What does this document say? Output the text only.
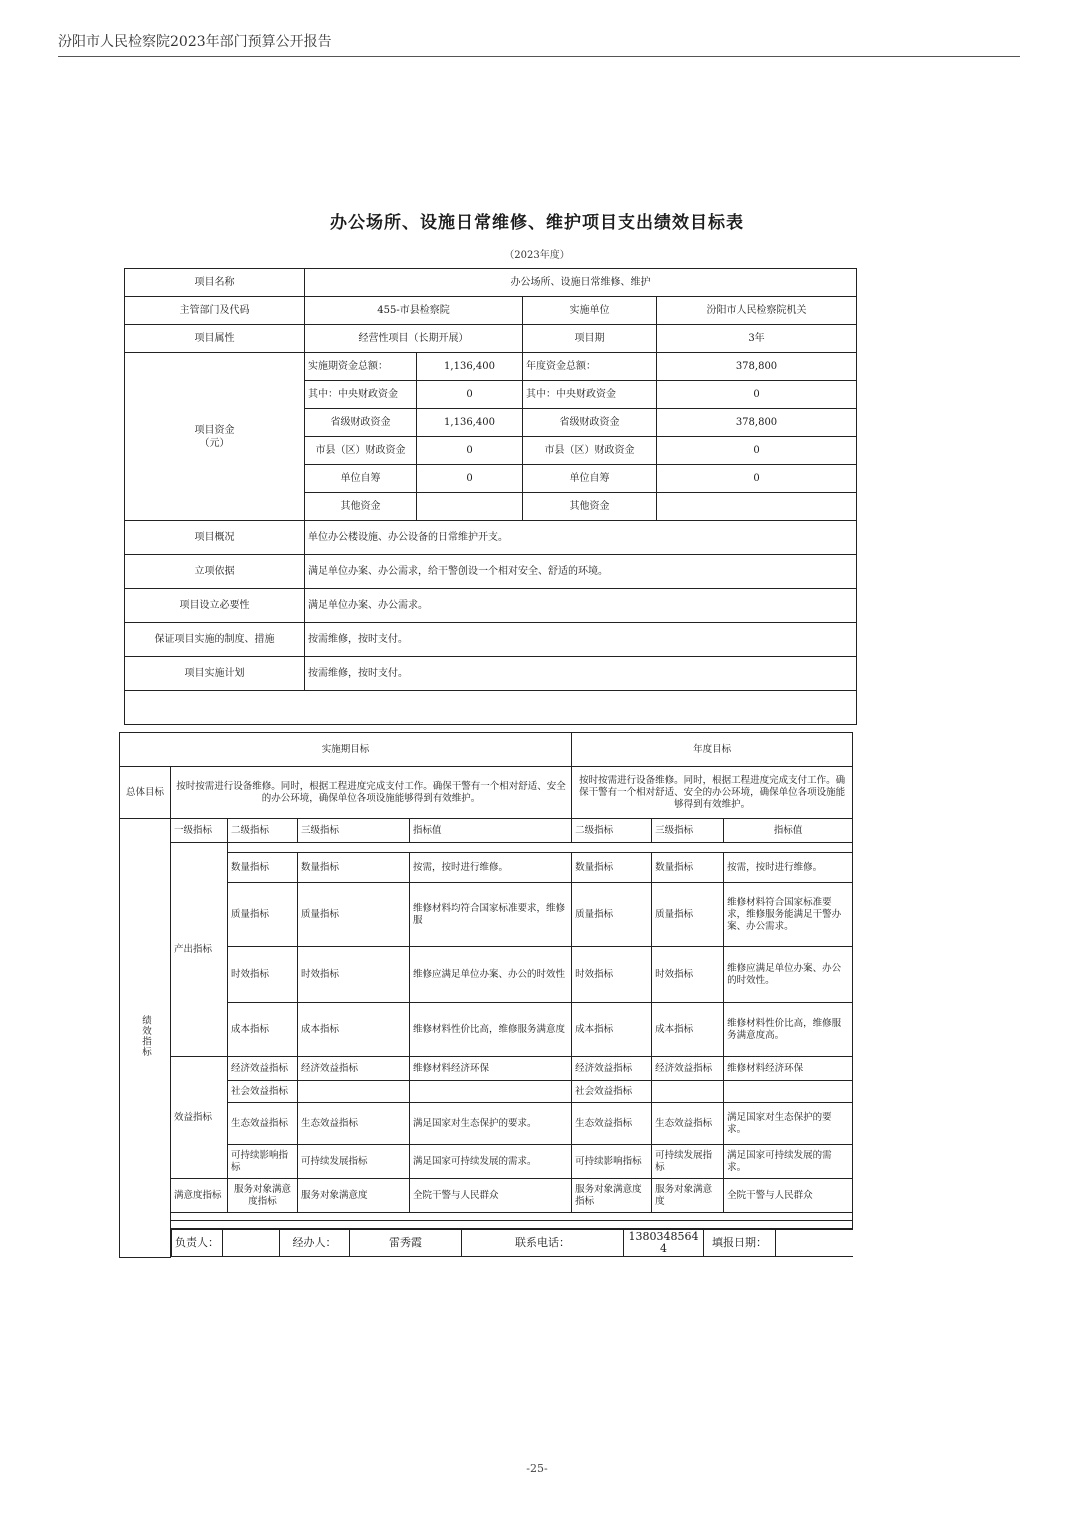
汾阳市人民检察院2023年部门预算公开报告
办公场所、设施日常维修、维护项目支出绩效目标表
（2023年度）
项目名称	办公场所、设施日常维修、维护			
主管部门及代码	455-市县检察院		实施单位	汾阳市人民检察院机关
项目属性	经营性项目（长期开展）		项目期	3年
项目资金
（元）	实施期资金总额：	1,136,400	年度资金总额：	378,800
	其中：中央财政资金	0	其中：中央财政资金	0
	省级财政资金	1,136,400	省级财政资金	378,800
	市县（区）财政资金	0	市县（区）财政资金	0
	单位自筹	0	单位自筹	0
	其他资金		其他资金	
项目概况	单位办公楼设施、办公设备的日常维护开支。			
立项依据	满足单位办案、办公需求，给干警创设一个相对安全、舒适的环境。			
项目设立必要性	满足单位办案、办公需求。			
保证项目实施的制度、措施	按需维修，按时支付。			
项目实施计划	按需维修，按时支付。			

实施期目标	年度目标
总体目标	按时按需进行设备维修。同时，根据工程进度完成支付工作。确保干警有一个相对舒适、安全的办公环境，确保单位各项设施能够得到有效维护。	按时按需进行设备维修。同时，根据工程进度完成支付工作。确保干警有一个相对舒适、安全的办公环境，确保单位各项设施能够得到有效维护。
绩效指标	一级指标	二级指标	三级指标	指标值	二级指标	三级指标	指标值
产出指标	
数量指标	数量指标	按需，按时进行维修。	数量指标	数量指标	按需，按时进行维修。
质量指标	质量指标	维修材料均符合国家标准要求，维修服	质量指标	质量指标	维修材料符合国家标准要求，维修服务能满足干警办案、办公需求。
时效指标	时效指标	维修应满足单位办案、办公的时效性	时效指标	时效指标	维修应满足单位办案、办公的时效性。
成本指标	成本指标	维修材料性价比高，维修服务满意度	成本指标	成本指标	维修材料性价比高，维修服务满意度高。
效益指标	经济效益指标	经济效益指标	维修材料经济环保	经济效益指标	经济效益指标	维修材料经济环保
社会效益指标			社会效益指标		
生态效益指标	生态效益指标	满足国家对生态保护的要求。	生态效益指标	生态效益指标	满足国家对生态保护的要求。
可持续影响指标	可持续发展指标	满足国家可持续发展的需求。	可持续影响指标	可持续发展指标	满足国家可持续发展的需求。
满意度指标	服务对象满意度指标	服务对象满意度	全院干警与人民群众	服务对象满意度指标	服务对象满意度	全院干警与人民群众

负责人：		经办人：	雷秀霞	联系电话：	13803485644	填报日期：	
-25-
